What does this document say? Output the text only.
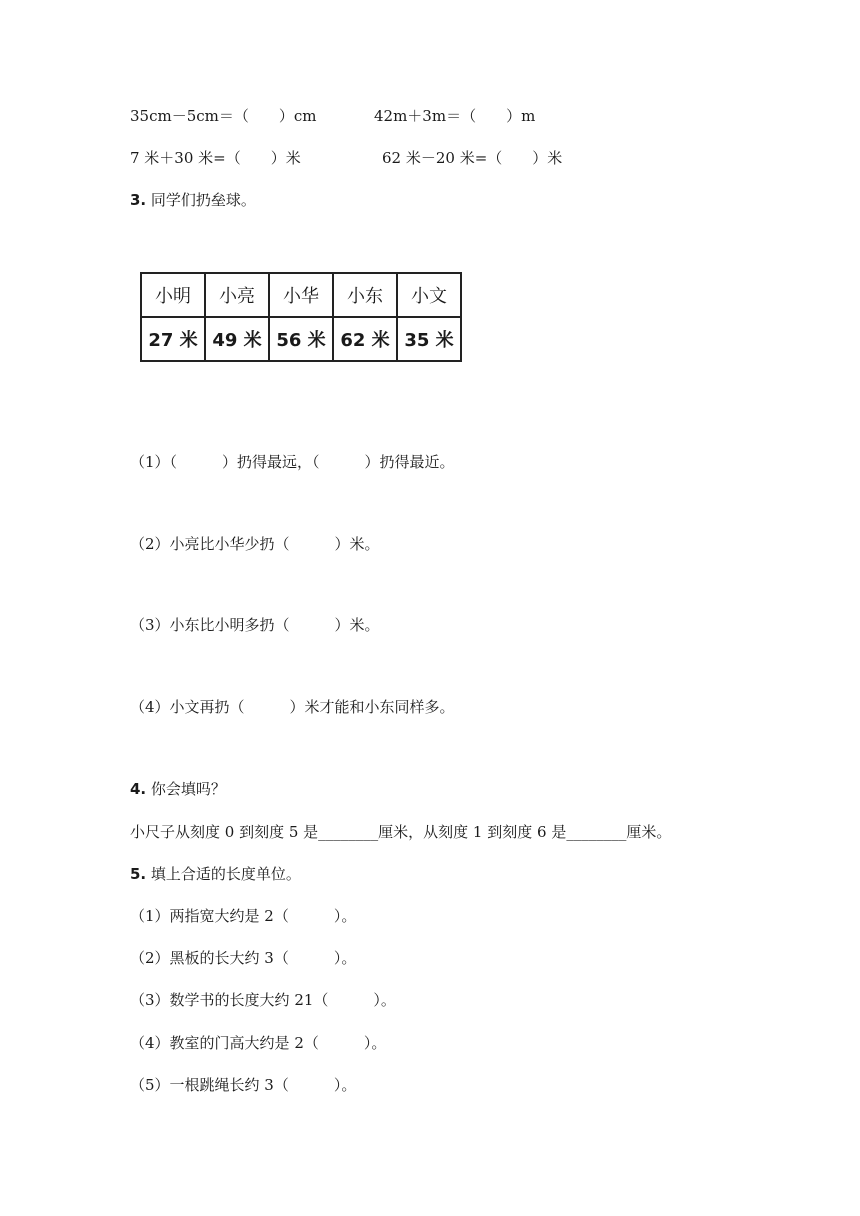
35cm－5cm＝（　　）cm	42m＋3m＝（　　）m
7 米＋30 米=（　　）米	62 米－20 米=（　　）米
3. 同学们扔垒球。
小明	小亮	小华	小东	小文
27 米	49 米	56 米	62 米	35 米
（1）（　　　）扔得最远，（　　　）扔得最近。
（2）小亮比小华少扔（　　　）米。
（3）小东比小明多扔（　　　）米。
（4）小文再扔（　　　）米才能和小东同样多。
4. 你会填吗？
小尺子从刻度 0 到刻度 5 是________厘米，从刻度 1 到刻度 6 是________厘米。
5. 填上合适的长度单位。
（1）两指宽大约是 2（　　　）。
（2）黑板的长大约 3（　　　）。
（3）数学书的长度大约 21（　　　）。
（4）教室的门高大约是 2（　　　）。
（5）一根跳绳长约 3（　　　）。
